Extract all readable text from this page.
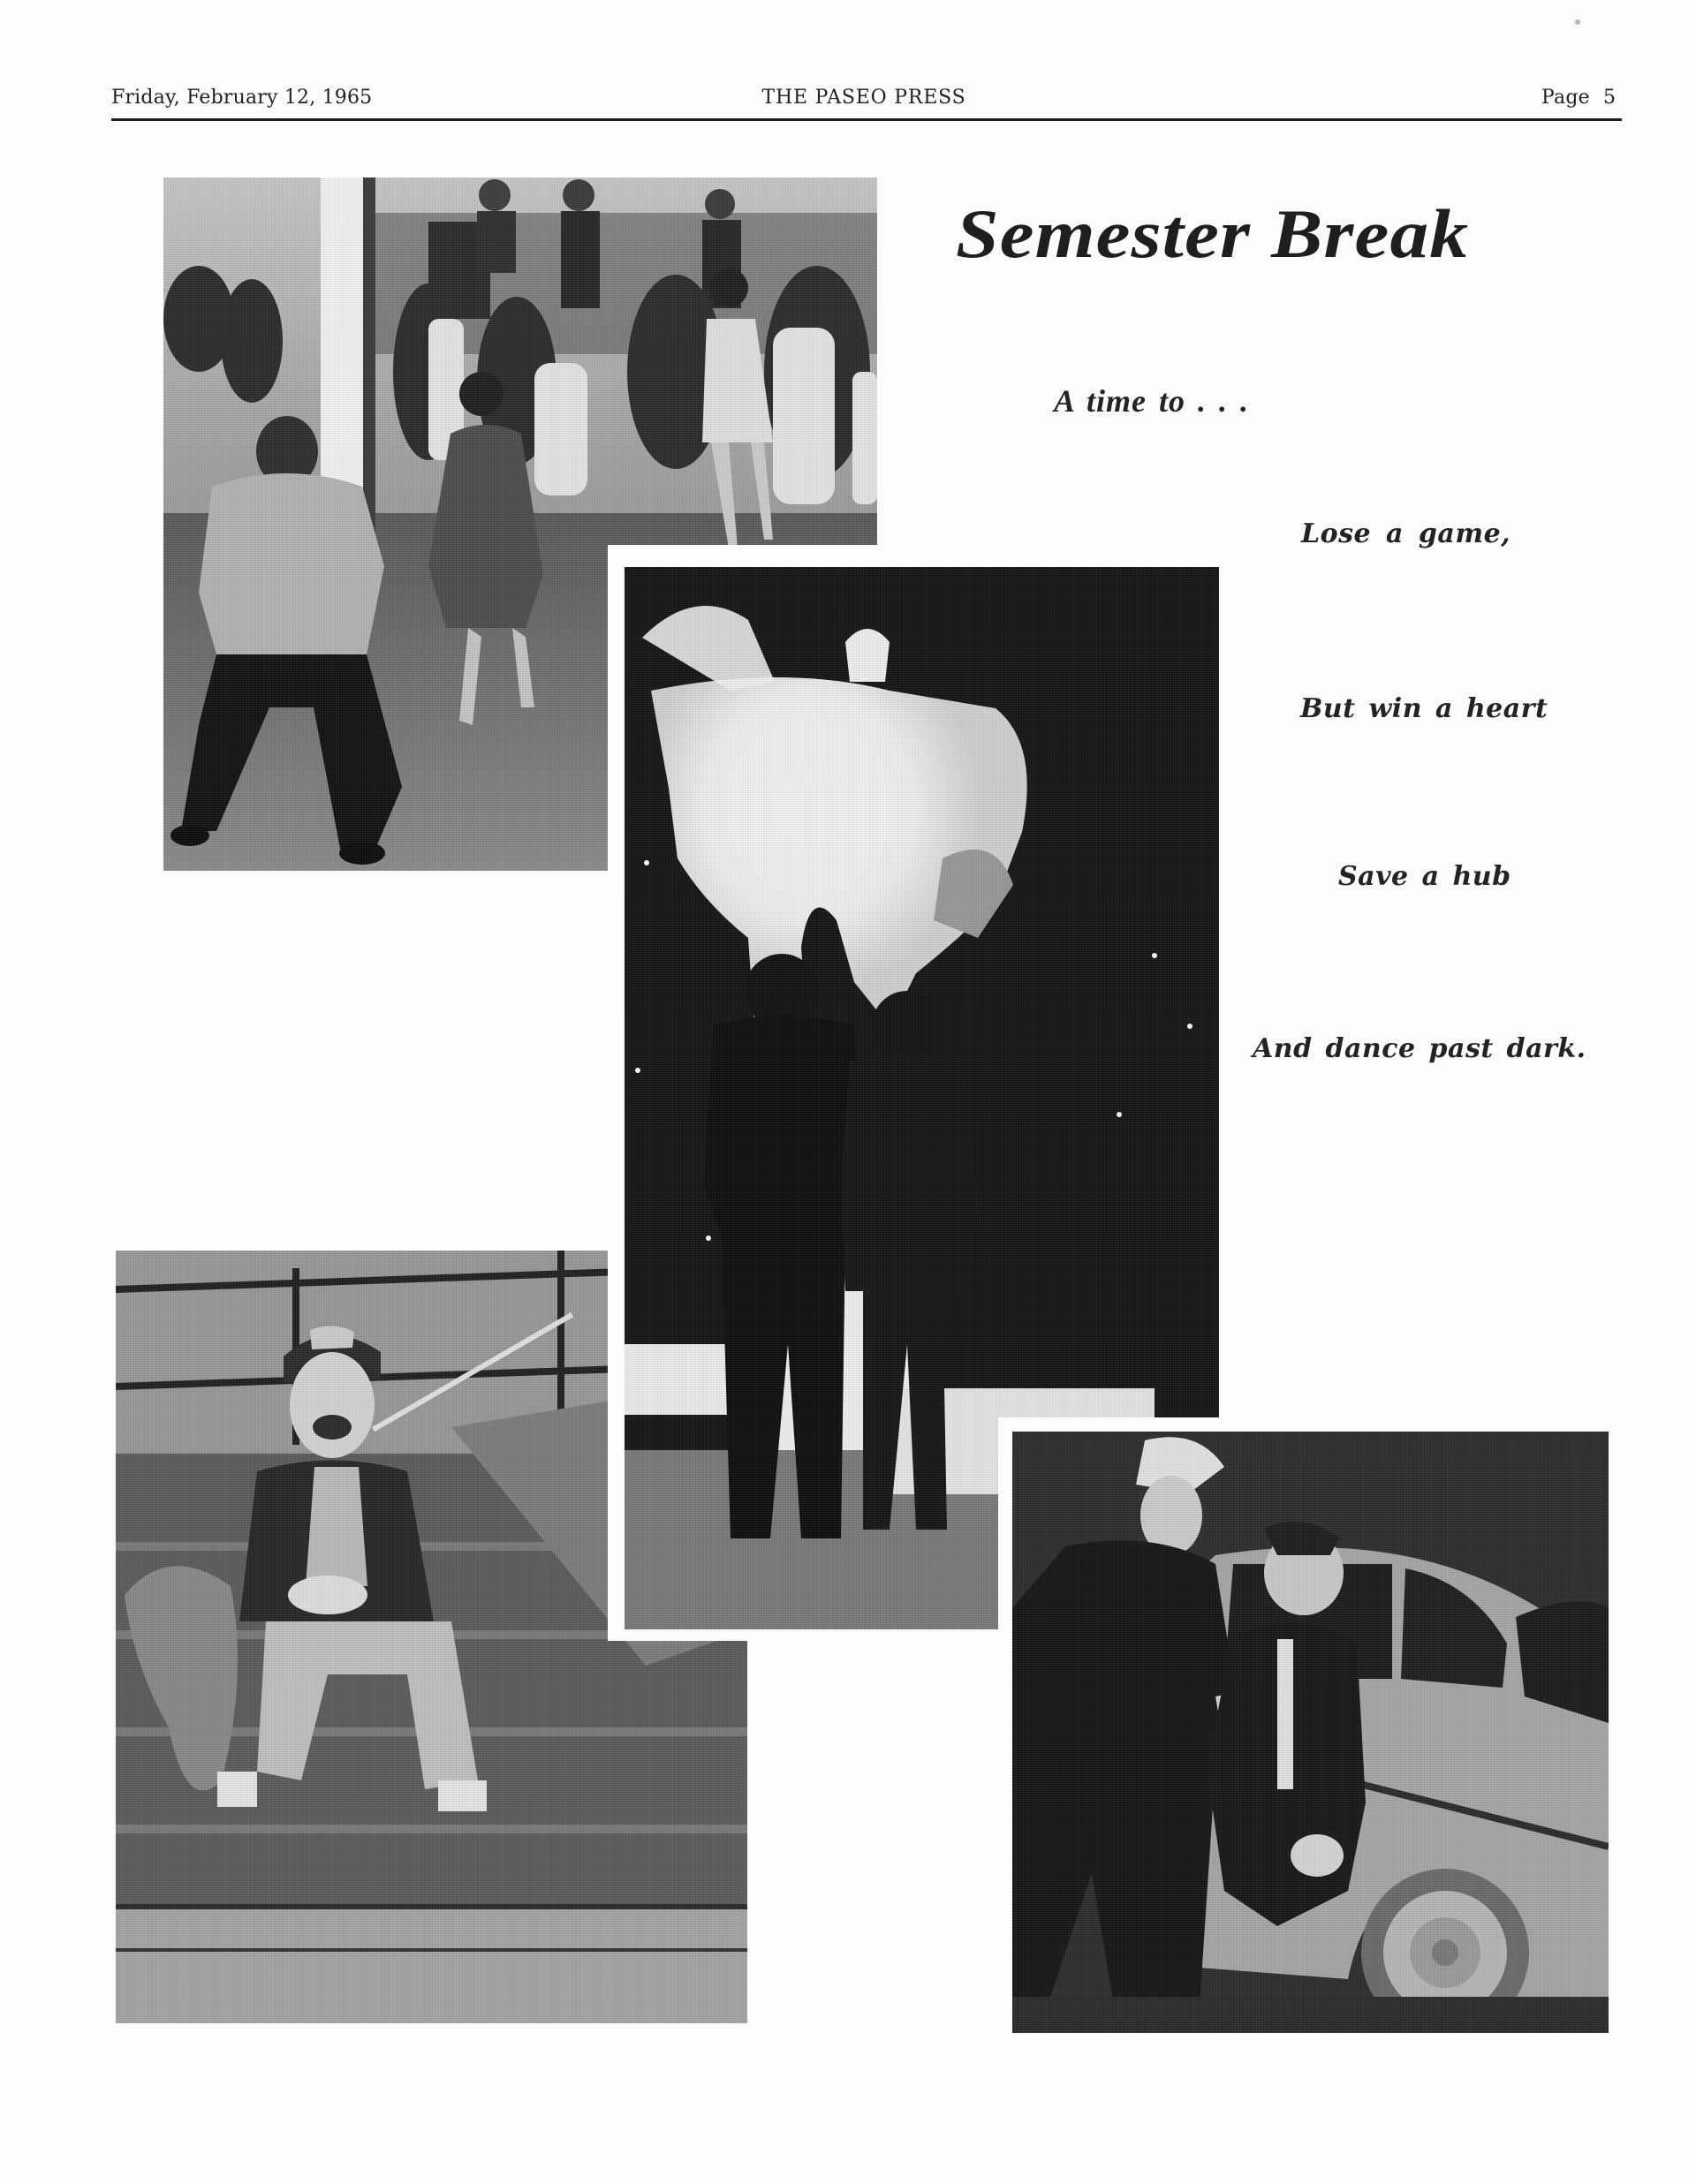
Friday, February 12, 1965	THE PASEO PRESS	Page 5
Semester Break
A time to . . .
Lose a game,
But win a heart
Save a hub
And dance past dark.
